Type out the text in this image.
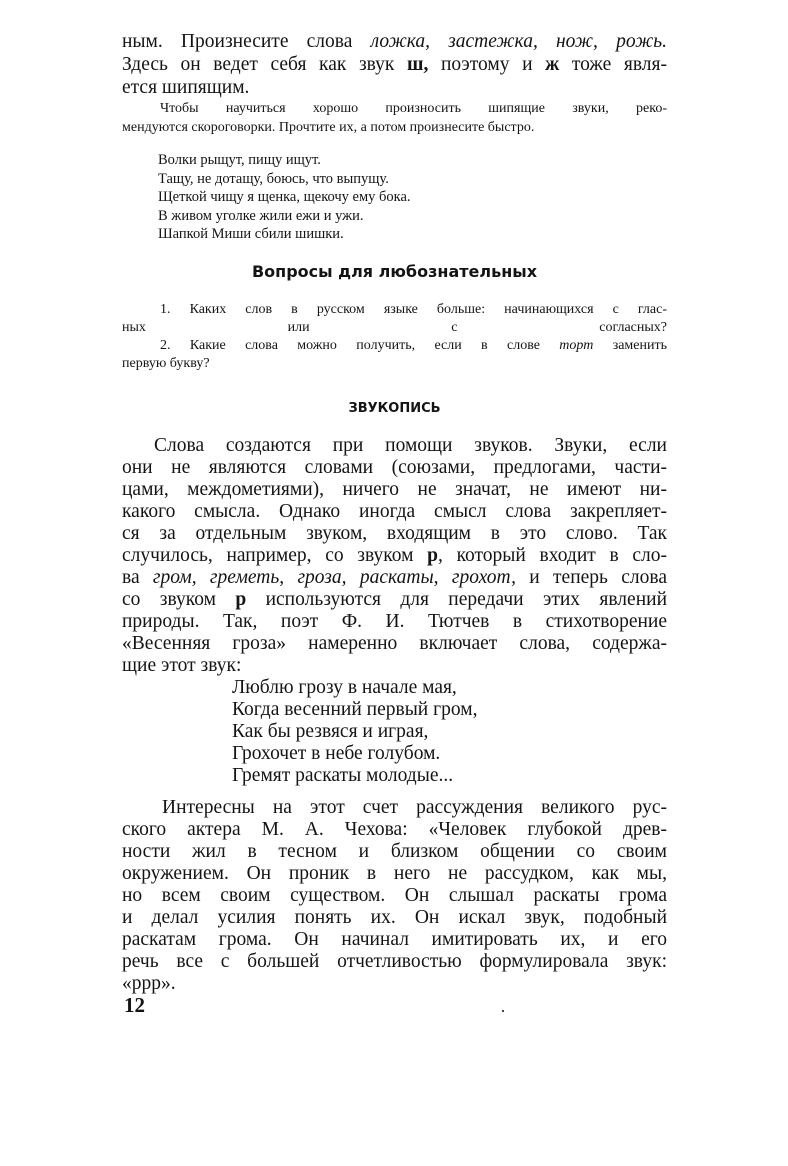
ным. Произнесите слова ложка, застежка, нож, рожь.
Здесь он ведет себя как звук ш, поэтому и ж тоже явля-
ется шипящим.
Чтобы научиться хорошо произносить шипящие звуки, реко-
мендуются скороговорки. Прочтите их, а потом произнесите быстро.
Волки рыщут, пищу ищут.
Тащу, не дотащу, боюсь, что выпущу.
Щеткой чищу я щенка, щекочу ему бока.
В живом уголке жили ежи и ужи.
Шапкой Миши сбили шишки.
Вопросы для любознательных
1. Каких слов в русском языке больше: начинающихся с глас-
ных или с согласных?
2. Какие слова можно получить, если в слове торт заменить
первую букву?
ЗВУКОПИСЬ
Слова создаются при помощи звуков. Звуки, если
они не являются словами (союзами, предлогами, части-
цами, междометиями), ничего не значат, не имеют ни-
какого смысла. Однако иногда смысл слова закрепляет-
ся за отдельным звуком, входящим в это слово. Так
случилось, например, со звуком р, который входит в сло-
ва гром, греметь, гроза, раскаты, грохот, и теперь слова
со звуком р используются для передачи этих явлений
природы. Так, поэт Ф. И. Тютчев в стихотворение
«Весенняя гроза» намеренно включает слова, содержа-
щие этот звук:
Люблю грозу в начале мая,
Когда весенний первый гром,
Как бы резвяся и играя,
Грохочет в небе голубом.
Гремят раскаты молодые...
Интересны на этот счет рассуждения великого рус-
ского актера М. А. Чехова: «Человек глубокой древ-
ности жил в тесном и близком общении со своим
окружением. Он проник в него не рассудком, как мы,
но всем своим существом. Он слышал раскаты грома
и делал усилия понять их. Он искал звук, подобный
раскатам грома. Он начинал имитировать их, и его
речь все с большей отчетливостью формулировала звук:
«ррр».
12
